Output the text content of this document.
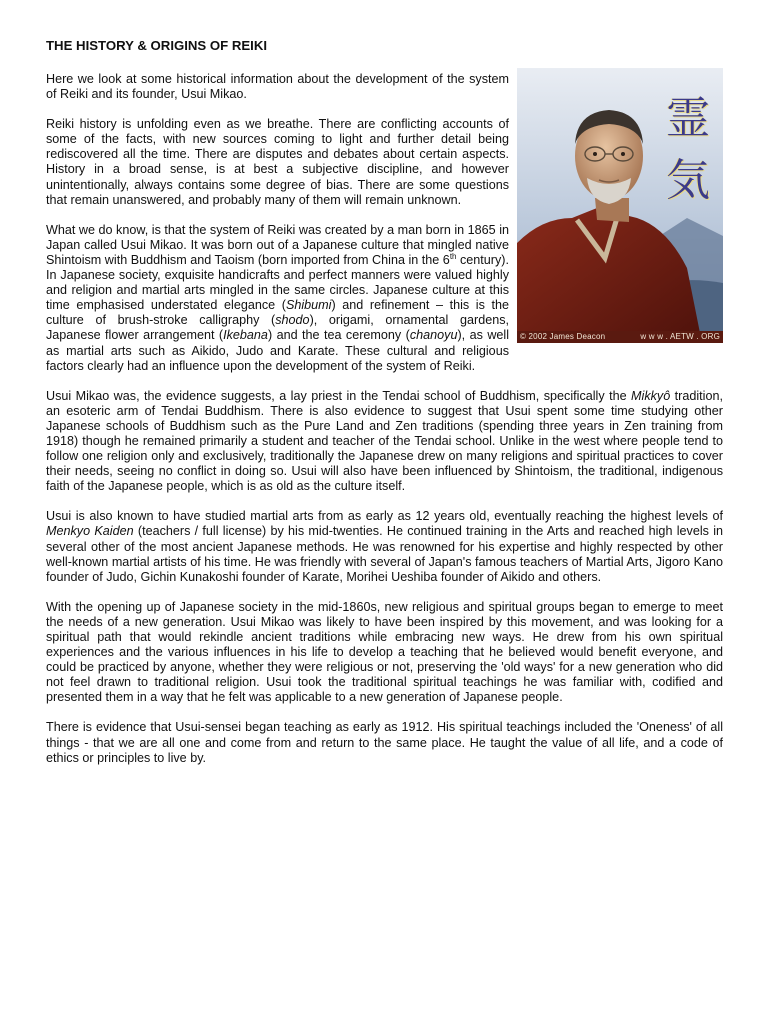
THE HISTORY & ORIGINS OF REIKI
霊
気
© 2002 James Deacon	w w w . AETW . ORG

Here we look at some historical information about the development of the system of Reiki and its founder, Usui Mikao.

Reiki history is unfolding even as we breathe. There are conflicting accounts of some of the facts, with new sources coming to light and further detail being rediscovered all the time. There are disputes and debates about certain aspects. History in a broad sense, is at best a subjective discipline, and however unintentionally, always contains some degree of bias. There are some questions that remain unanswered, and probably many of them will remain unknown.

What we do know, is that the system of Reiki was created by a man born in 1865 in Japan called Usui Mikao. It was born out of a Japanese culture that mingled native Shintoism with Buddhism and Taoism (born imported from China in the 6th century). In Japanese society, exquisite handicrafts and perfect manners were valued highly and religion and martial arts mingled in the same circles. Japanese culture at this time emphasised understated elegance (Shibumi) and refinement – this is the culture of brush-stroke calligraphy (shodo), origami, ornamental gardens, Japanese flower arrangement (Ikebana) and the tea ceremony (chanoyu), as well as martial arts such as Aikido, Judo and Karate. These cultural and religious factors clearly had an influence upon the development of the system of Reiki.

Usui Mikao was, the evidence suggests, a lay priest in the Tendai school of Buddhism, specifically the Mikkyô tradition, an esoteric arm of Tendai Buddhism. There is also evidence to suggest that Usui spent some time studying other Japanese schools of Buddhism such as the Pure Land and Zen traditions (spending three years in Zen training from 1918) though he remained primarily a student and teacher of the Tendai school. Unlike in the west where people tend to follow one religion only and exclusively, traditionally the Japanese drew on many religions and spiritual practices to cover their needs, seeing no conflict in doing so. Usui will also have been influenced by Shintoism, the traditional, indigenous faith of the Japanese people, which is as old as the culture itself.

Usui is also known to have studied martial arts from as early as 12 years old, eventually reaching the highest levels of Menkyo Kaiden (teachers / full license) by his mid-twenties. He continued training in the Arts and reached high levels in several other of the most ancient Japanese methods. He was renowned for his expertise and highly respected by other well-known martial artists of his time. He was friendly with several of Japan's famous teachers of Martial Arts, Jigoro Kano founder of Judo, Gichin Kunakoshi founder of Karate, Morihei Ueshiba founder of Aikido and others.

With the opening up of Japanese society in the mid-1860s, new religious and spiritual groups began to emerge to meet the needs of a new generation. Usui Mikao was likely to have been inspired by this movement, and was looking for a spiritual path that would rekindle ancient traditions while embracing new ways. He drew from his own spiritual experiences and the various influences in his life to develop a teaching that he believed would benefit everyone, and could be practiced by anyone, whether they were religious or not, preserving the 'old ways' for a new generation who did not feel drawn to traditional religion. Usui took the traditional spiritual teachings he was familiar with, codified and presented them in a way that he felt was applicable to a new generation of Japanese people.

There is evidence that Usui-sensei began teaching as early as 1912. His spiritual teachings included the 'Oneness' of all things - that we are all one and come from and return to the same place. He taught the value of all life, and a code of ethics or principles to live by.
